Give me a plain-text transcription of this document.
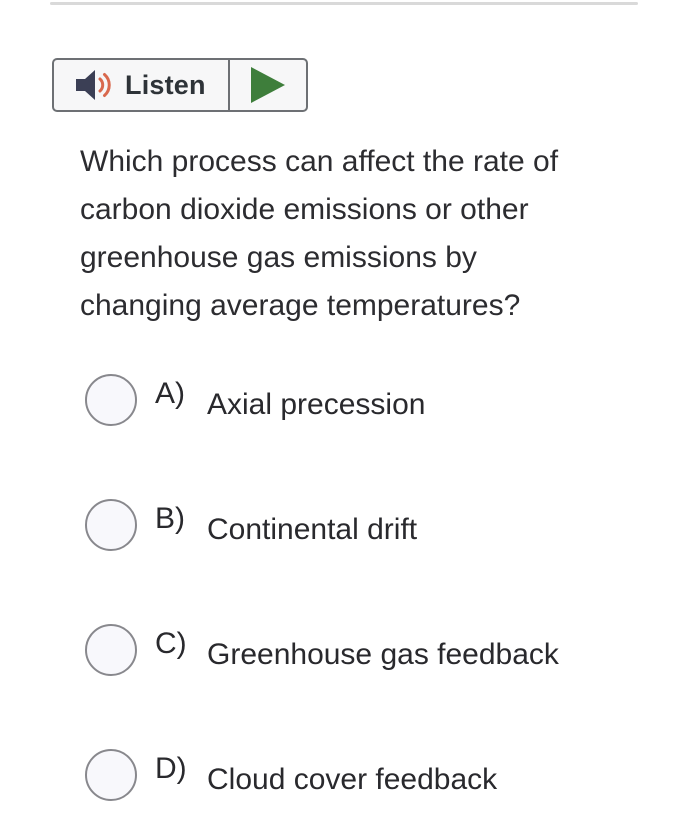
Listen
Which process can affect the rate of
carbon dioxide emissions or other
greenhouse gas emissions by
changing average temperatures?
A) Axial precession
B) Continental drift
C) Greenhouse gas feedback
D) Cloud cover feedback
